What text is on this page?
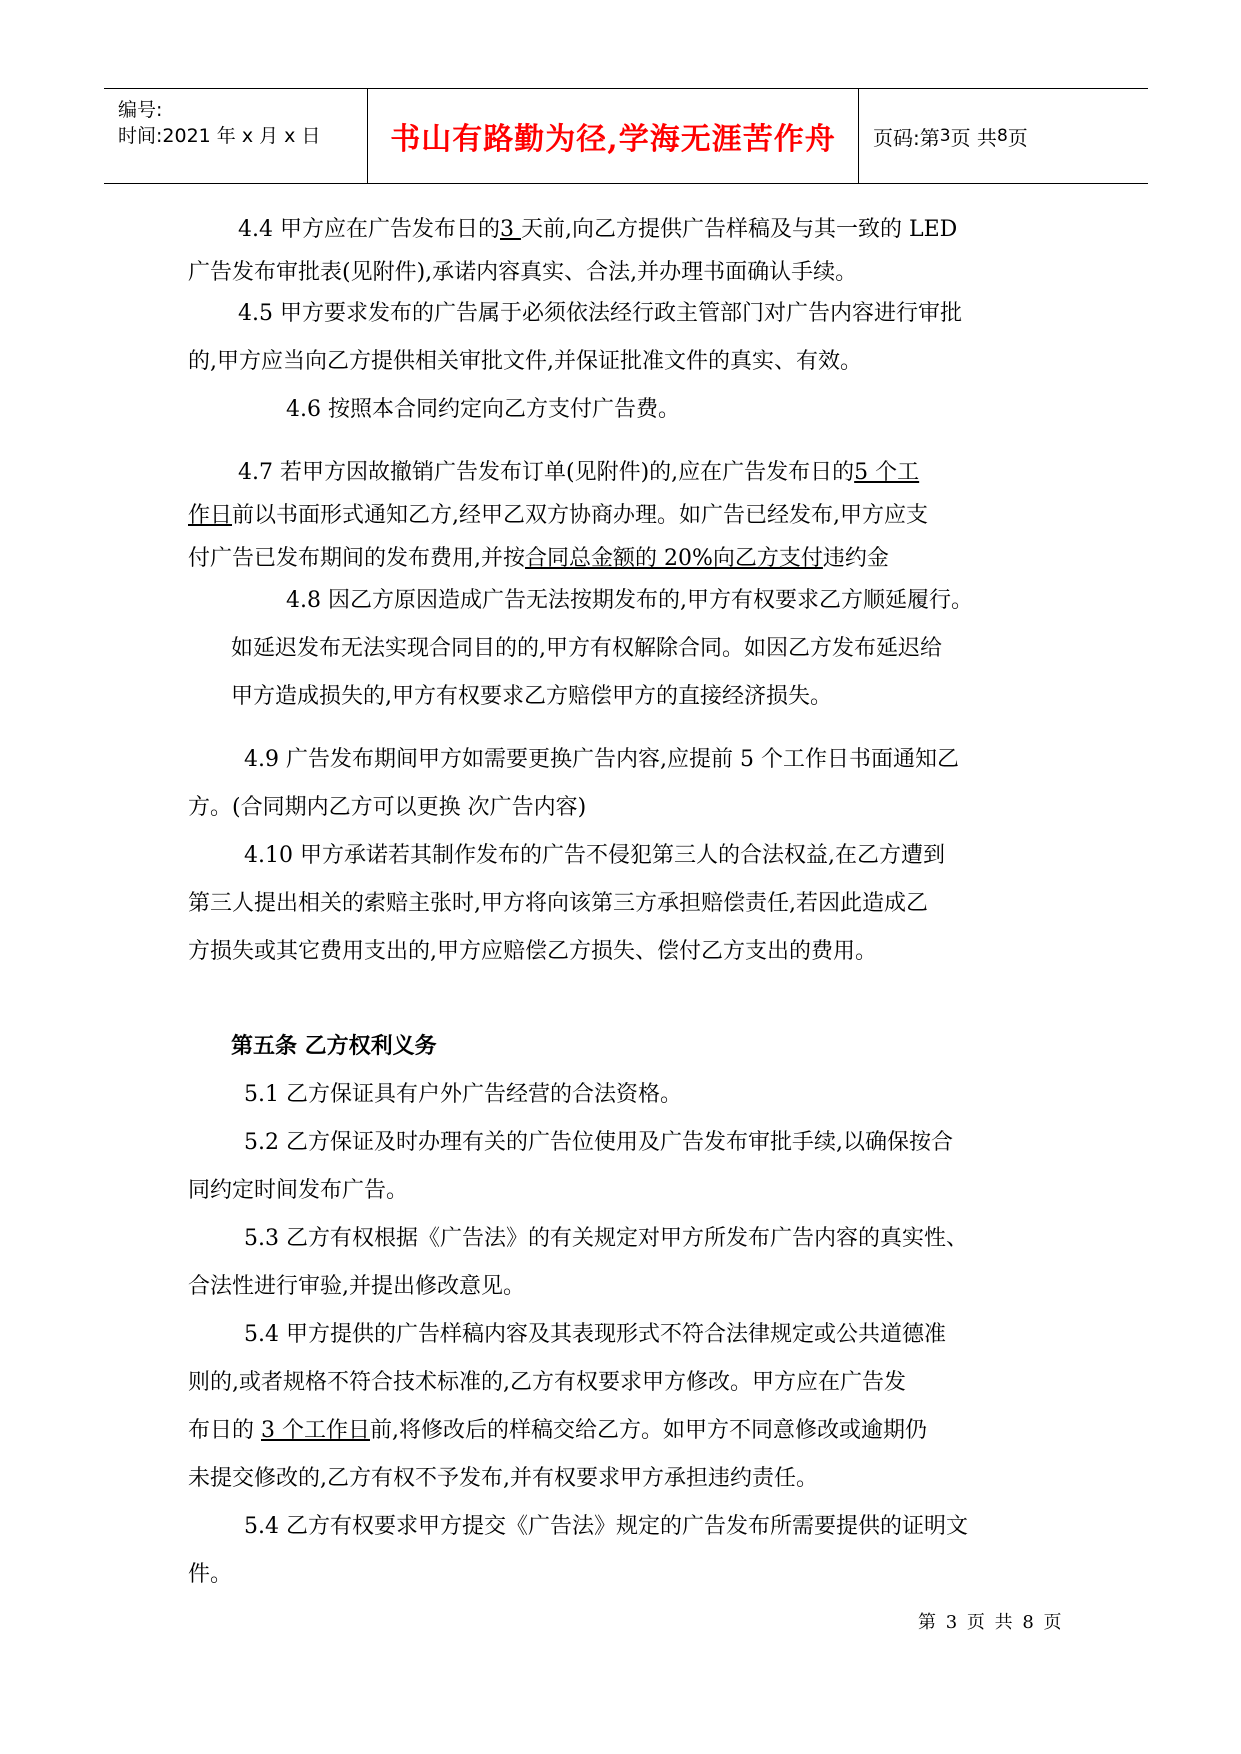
编号:
时间:2021 年 x 月 x 日	书山有路勤为径,学海无涯苦作舟	页码:第 3 页 共 8 页
4.4 甲方应在广告发布日的3 天前,向乙方提供广告样稿及与其一致的 LED
广告发布审批表(见附件),承诺内容真实、合法,并办理书面确认手续。
4.5 甲方要求发布的广告属于必须依法经行政主管部门对广告内容进行审批
的,甲方应当向乙方提供相关审批文件,并保证批准文件的真实、有效。
4.6 按照本合同约定向乙方支付广告费。
4.7 若甲方因故撤销广告发布订单(见附件)的,应在广告发布日的5 个工
作日前以书面形式通知乙方,经甲乙双方协商办理。如广告已经发布,甲方应支
付广告已发布期间的发布费用,并按合同总金额的 20%向乙方支付违约金
4.8 因乙方原因造成广告无法按期发布的,甲方有权要求乙方顺延履行。
如延迟发布无法实现合同目的的,甲方有权解除合同。如因乙方发布延迟给
甲方造成损失的,甲方有权要求乙方赔偿甲方的直接经济损失。
4.9 广告发布期间甲方如需要更换广告内容,应提前 5 个工作日书面通知乙
方。(合同期内乙方可以更换 次广告内容)
4.10 甲方承诺若其制作发布的广告不侵犯第三人的合法权益,在乙方遭到
第三人提出相关的索赔主张时,甲方将向该第三方承担赔偿责任,若因此造成乙
方损失或其它费用支出的,甲方应赔偿乙方损失、偿付乙方支出的费用。
第五条 乙方权利义务
5.1 乙方保证具有户外广告经营的合法资格。
5.2 乙方保证及时办理有关的广告位使用及广告发布审批手续,以确保按合
同约定时间发布广告。
5.3 乙方有权根据《广告法》的有关规定对甲方所发布广告内容的真实性、
合法性进行审验,并提出修改意见。
5.4 甲方提供的广告样稿内容及其表现形式不符合法律规定或公共道德准
则的,或者规格不符合技术标准的,乙方有权要求甲方修改。甲方应在广告发
布日的 3 个工作日前,将修改后的样稿交给乙方。如甲方不同意修改或逾期仍
未提交修改的,乙方有权不予发布,并有权要求甲方承担违约责任。
5.4 乙方有权要求甲方提交《广告法》规定的广告发布所需要提供的证明文
件。
第 3 页 共 8 页
